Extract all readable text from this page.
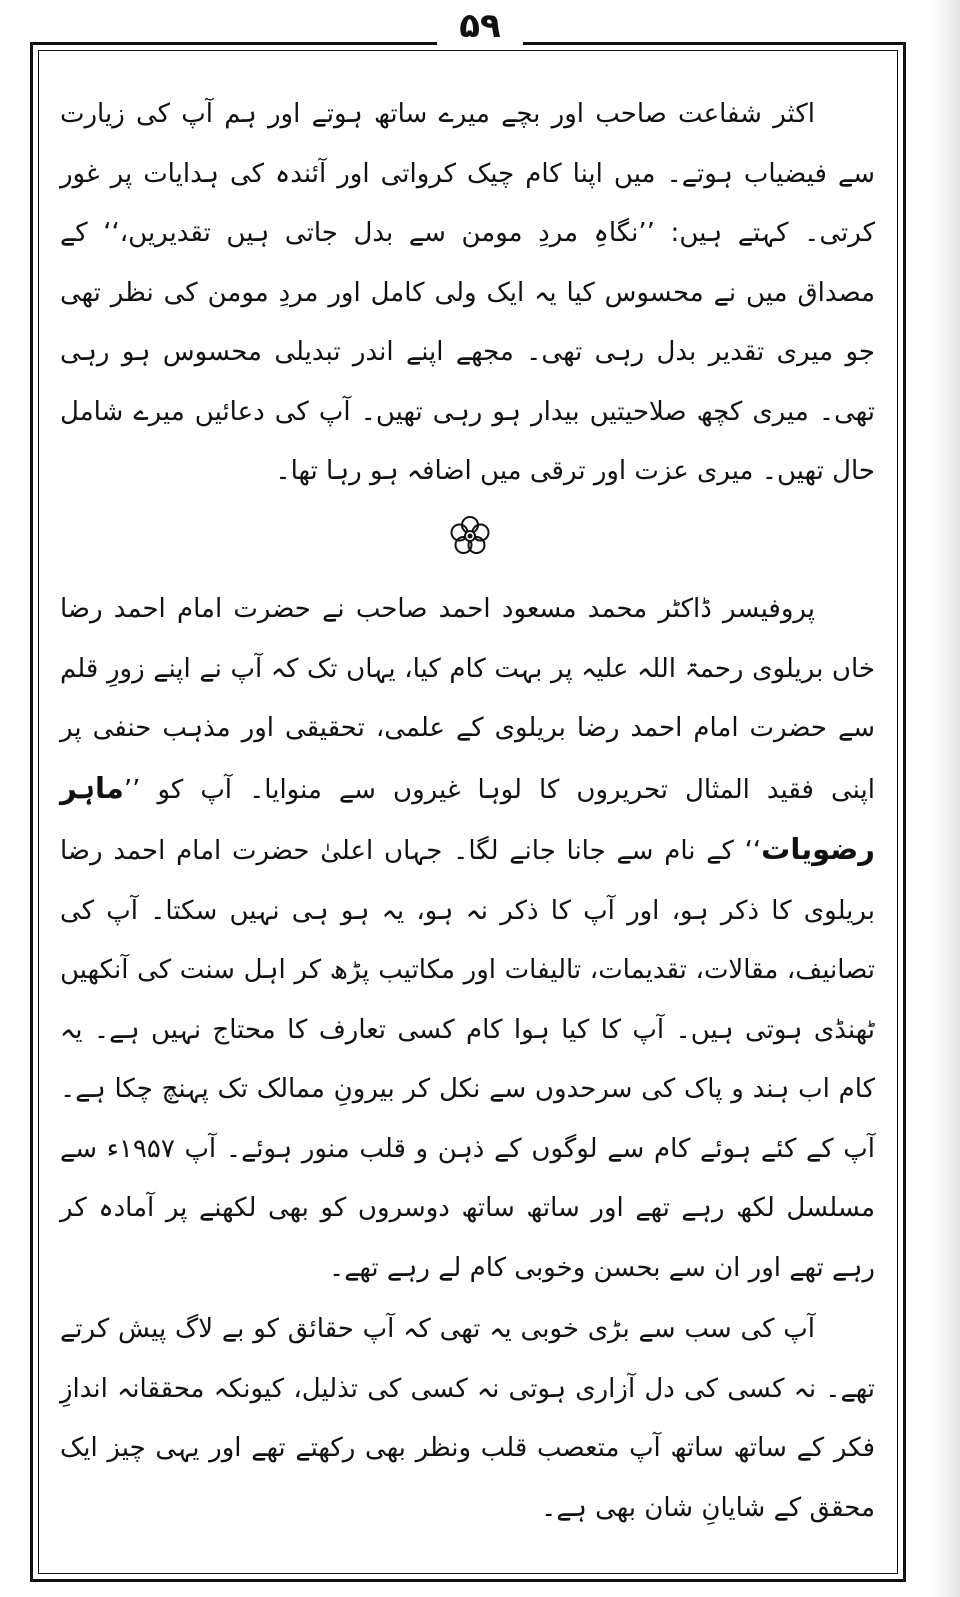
۵۹

اکثر شفاعت صاحب اور بچے میرے ساتھ ہوتے اور ہم آپ کی زیارت سے فیضیاب ہوتے۔ میں اپنا کام چیک کرواتی اور آئندہ کی ہدایات پر غور کرتی۔ کہتے ہیں: ’’نگاہِ مردِ مومن سے بدل جاتی ہیں تقدیریں،‘‘ کے مصداق میں نے محسوس کیا یہ ایک ولی کامل اور مردِ مومن کی نظر تھی جو میری تقدیر بدل رہی تھی۔ مجھے اپنے اندر تبدیلی محسوس ہو رہی تھی۔ میری کچھ صلاحیتیں بیدار ہو رہی تھیں۔ آپ کی دعائیں میرے شامل حال تھیں۔ میری عزت اور ترقی میں اضافہ ہو رہا تھا۔

پروفیسر ڈاکٹر محمد مسعود احمد صاحب نے حضرت امام احمد رضا خاں بریلوی رحمۃ اللہ علیہ پر بہت کام کیا، یہاں تک کہ آپ نے اپنے زورِ قلم سے حضرت امام احمد رضا بریلوی کے علمی، تحقیقی اور مذہب حنفی پر اپنی فقید المثال تحریروں کا لوہا غیروں سے منوایا۔ آپ کو ’’ماہر رضویات‘‘ کے نام سے جانا جانے لگا۔ جہاں اعلیٰ حضرت امام احمد رضا بریلوی کا ذکر ہو، اور آپ کا ذکر نہ ہو، یہ ہو ہی نہیں سکتا۔ آپ کی تصانیف، مقالات، تقدیمات، تالیفات اور مکاتیب پڑھ کر اہل سنت کی آنکھیں ٹھنڈی ہوتی ہیں۔ آپ کا کیا ہوا کام کسی تعارف کا محتاج نہیں ہے۔ یہ کام اب ہند و پاک کی سرحدوں سے نکل کر بیرونِ ممالک تک پہنچ چکا ہے۔ آپ کے کئے ہوئے کام سے لوگوں کے ذہن و قلب منور ہوئے۔ آپ ۱۹۵۷ء سے مسلسل لکھ رہے تھے اور ساتھ ساتھ دوسروں کو بھی لکھنے پر آمادہ کر رہے تھے اور ان سے بحسن وخوبی کام لے رہے تھے۔

آپ کی سب سے بڑی خوبی یہ تھی کہ آپ حقائق کو بے لاگ پیش کرتے تھے۔ نہ کسی کی دل آزاری ہوتی نہ کسی کی تذلیل، کیونکہ محققانہ اندازِ فکر کے ساتھ ساتھ آپ متعصب قلب ونظر بھی رکھتے تھے اور یہی چیز ایک محقق کے شایانِ شان بھی ہے۔
